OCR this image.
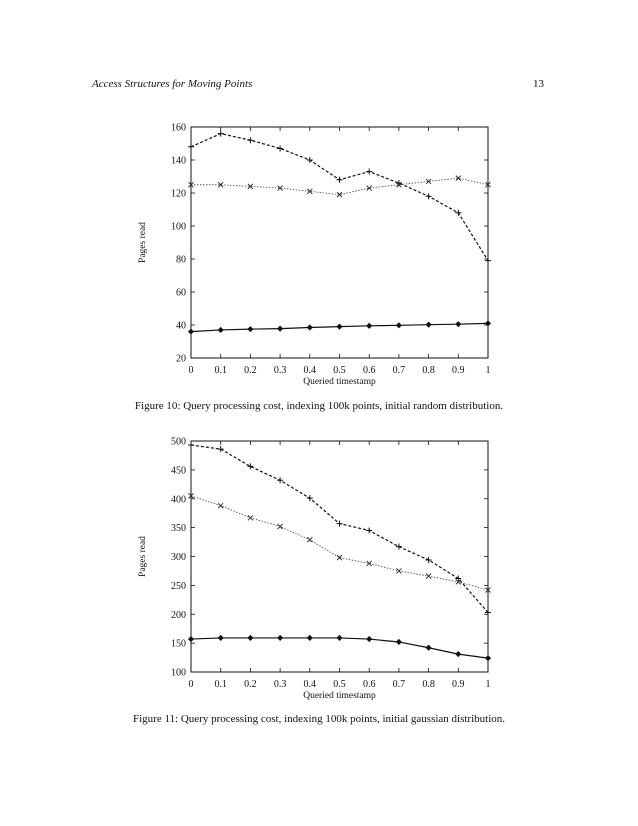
Access Structures for Moving Points	13
0 0.1 0.2 0.3 0.4 0.5 0.6 0.7 0.8 0.9 1
20
40
60
80
100
120
140
160
Queried timestamp
Pages read
Figure 10: Query processing cost, indexing 100k points, initial random distribution.
0 0.1 0.2 0.3 0.4 0.5 0.6 0.7 0.8 0.9 1
100
150
200
250
300
350
400
450
500
Queried timestamp
Pages read
Figure 11: Query processing cost, indexing 100k points, initial gaussian distribution.
